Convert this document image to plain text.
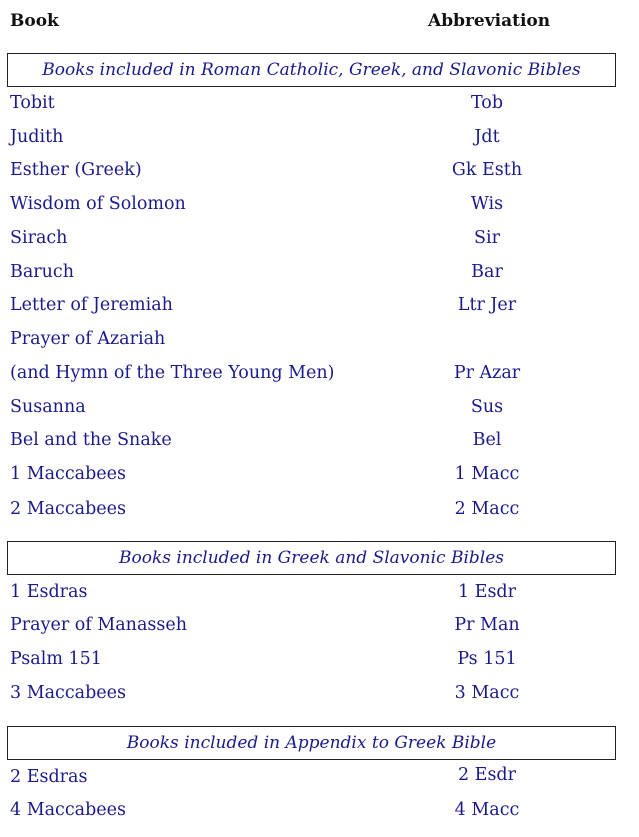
Book	Abbreviation
Books included in Roman Catholic, Greek, and Slavonic Bibles
Tobit	Tob
Judith	Jdt
Esther (Greek)	Gk Esth
Wisdom of Solomon	Wis
Sirach	Sir
Baruch	Bar
Letter of Jeremiah	Ltr Jer
Prayer of Azariah
(and Hymn of the Three Young Men)	Pr Azar
Susanna	Sus
Bel and the Snake	Bel
1 Maccabees	1 Macc
2 Maccabees	2 Macc
Books included in Greek and Slavonic Bibles
1 Esdras	1 Esdr
Prayer of Manasseh	Pr Man
Psalm 151	Ps 151
3 Maccabees	3 Macc
Books included in Appendix to Greek Bible
2 Esdras	2 Esdr
4 Maccabees	4 Macc
